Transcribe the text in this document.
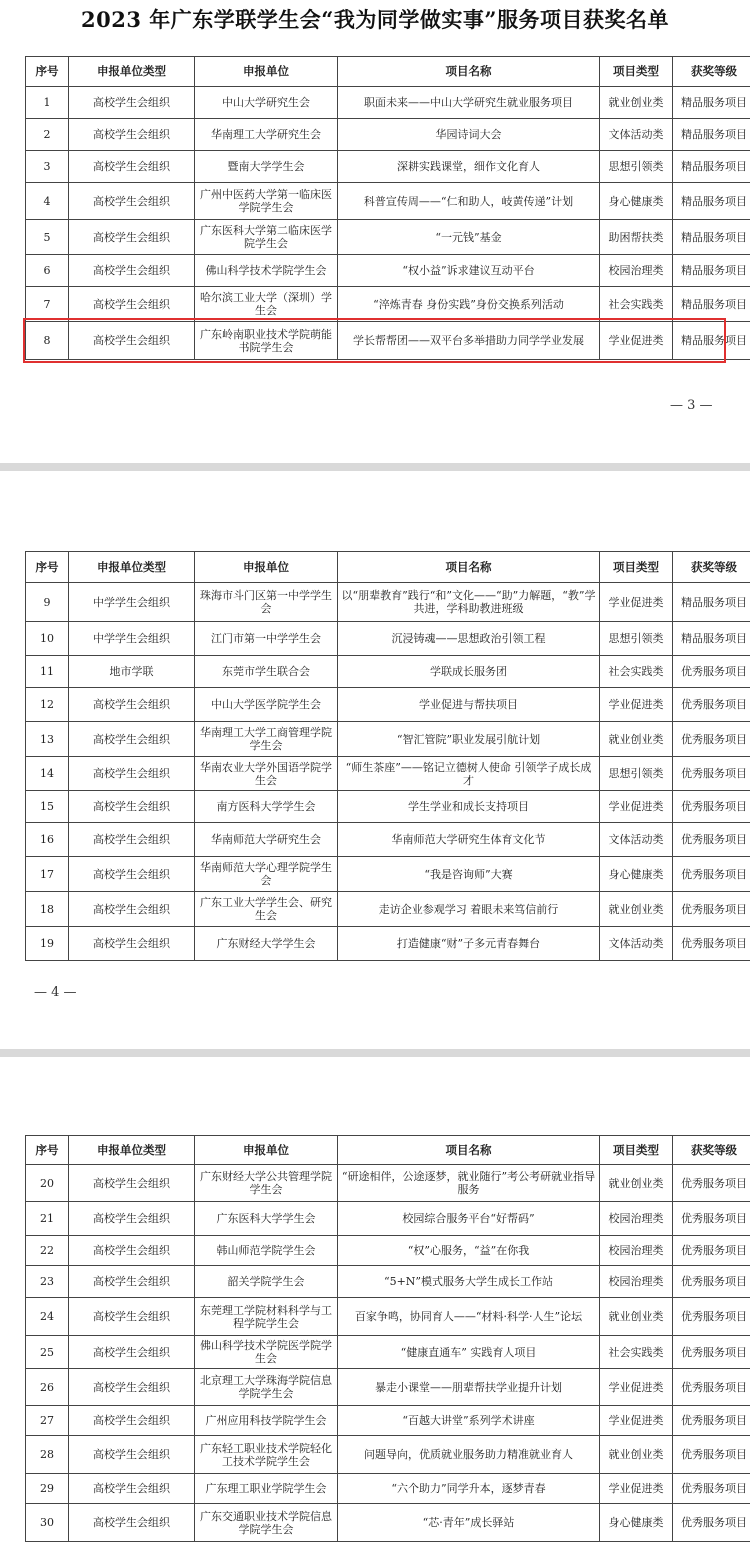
2023 年广东学联学生会“我为同学做实事”服务项目获奖名单
序号	申报单位类型	申报单位	项目名称	项目类型	获奖等级
1	高校学生会组织	中山大学研究生会	职面未来——中山大学研究生就业服务项目	就业创业类	精品服务项目
2	高校学生会组织	华南理工大学研究生会	华园诗词大会	文体活动类	精品服务项目
3	高校学生会组织	暨南大学学生会	深耕实践课堂，细作文化育人	思想引领类	精品服务项目
4	高校学生会组织	广州中医药大学第一临床医学院学生会	科普宣传周——“仁和助人，岐黄传递”计划	身心健康类	精品服务项目
5	高校学生会组织	广东医科大学第二临床医学院学生会	“一元钱”基金	助困帮扶类	精品服务项目
6	高校学生会组织	佛山科学技术学院学生会	“权小益”诉求建议互动平台	校园治理类	精品服务项目
7	高校学生会组织	哈尔滨工业大学（深圳）学生会	“淬炼青春 身份实践”身份交换系列活动	社会实践类	精品服务项目
8	高校学生会组织	广东岭南职业技术学院萌能书院学生会	学长帮帮团——双平台多举措助力同学学业发展	学业促进类	精品服务项目
— 3 —
序号	申报单位类型	申报单位	项目名称	项目类型	获奖等级
9	中学学生会组织	珠海市斗门区第一中学学生会	以“朋辈教育”践行“和”文化——“助”力解题，“教”学共进，学科助教进班级	学业促进类	精品服务项目
10	中学学生会组织	江门市第一中学学生会	沉浸铸魂——思想政治引领工程	思想引领类	精品服务项目
11	地市学联	东莞市学生联合会	学联成长服务团	社会实践类	优秀服务项目
12	高校学生会组织	中山大学医学院学生会	学业促进与帮扶项目	学业促进类	优秀服务项目
13	高校学生会组织	华南理工大学工商管理学院学生会	“智汇管院”职业发展引航计划	就业创业类	优秀服务项目
14	高校学生会组织	华南农业大学外国语学院学生会	“师生茶座”——铭记立德树人使命 引领学子成长成才	思想引领类	优秀服务项目
15	高校学生会组织	南方医科大学学生会	学生学业和成长支持项目	学业促进类	优秀服务项目
16	高校学生会组织	华南师范大学研究生会	华南师范大学研究生体育文化节	文体活动类	优秀服务项目
17	高校学生会组织	华南师范大学心理学院学生会	“我是咨询师”大赛	身心健康类	优秀服务项目
18	高校学生会组织	广东工业大学学生会、研究生会	走访企业参观学习 着眼未来笃信前行	就业创业类	优秀服务项目
19	高校学生会组织	广东财经大学学生会	打造健康“财”子多元青春舞台	文体活动类	优秀服务项目
— 4 —
序号	申报单位类型	申报单位	项目名称	项目类型	获奖等级
20	高校学生会组织	广东财经大学公共管理学院学生会	“研途相伴，公途逐梦，就业随行”考公考研就业指导服务	就业创业类	优秀服务项目
21	高校学生会组织	广东医科大学学生会	校园综合服务平台“好帮码”	校园治理类	优秀服务项目
22	高校学生会组织	韩山师范学院学生会	“权”心服务，“益”在你我	校园治理类	优秀服务项目
23	高校学生会组织	韶关学院学生会	“5+N”模式服务大学生成长工作站	校园治理类	优秀服务项目
24	高校学生会组织	东莞理工学院材料科学与工程学院学生会	百家争鸣，协同育人——“材料·科学·人生”论坛	就业创业类	优秀服务项目
25	高校学生会组织	佛山科学技术学院医学院学生会	“健康直通车” 实践育人项目	社会实践类	优秀服务项目
26	高校学生会组织	北京理工大学珠海学院信息学院学生会	暴走小课堂——朋辈帮扶学业提升计划	学业促进类	优秀服务项目
27	高校学生会组织	广州应用科技学院学生会	“百越大讲堂”系列学术讲座	学业促进类	优秀服务项目
28	高校学生会组织	广东轻工职业技术学院轻化工技术学院学生会	问题导向，优质就业服务助力精准就业育人	就业创业类	优秀服务项目
29	高校学生会组织	广东理工职业学院学生会	“六个助力”同学升本，逐梦青春	学业促进类	优秀服务项目
30	高校学生会组织	广东交通职业技术学院信息学院学生会	“芯·青年”成长驿站	身心健康类	优秀服务项目
